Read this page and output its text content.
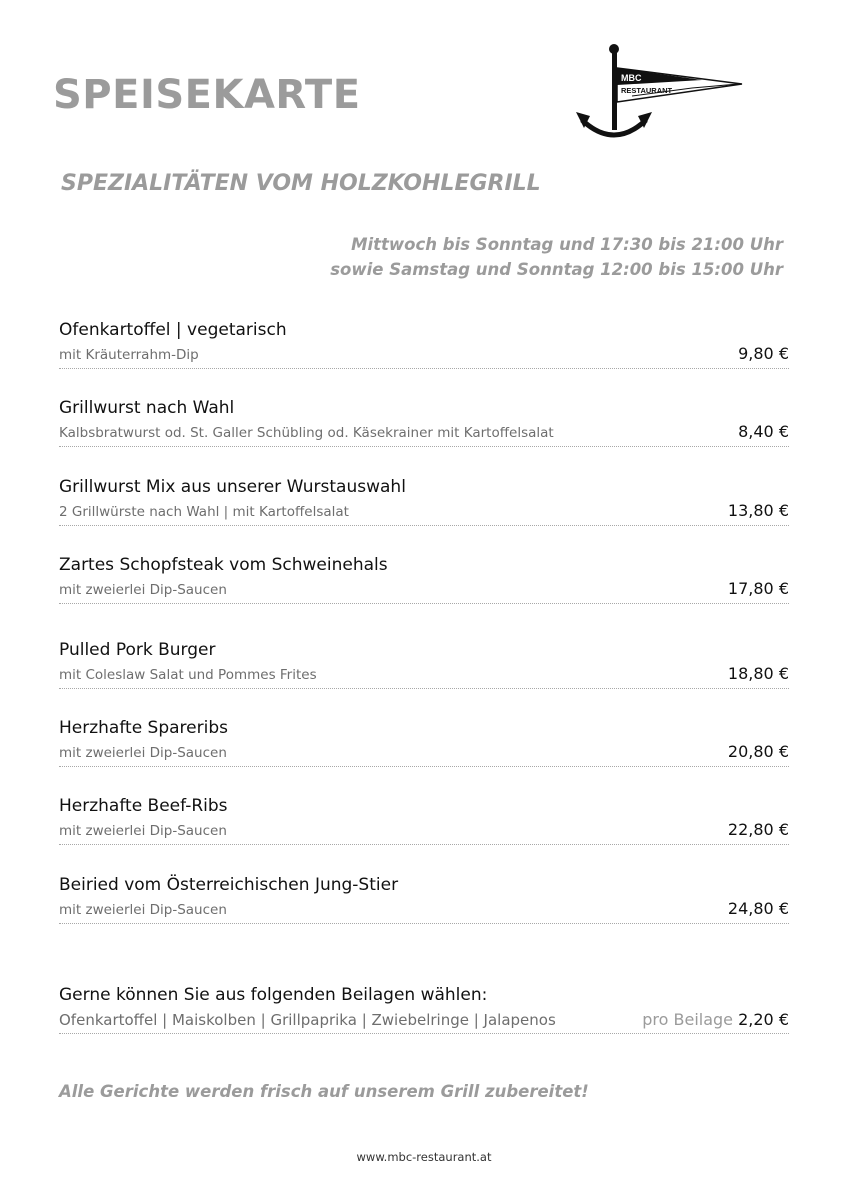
SPEISEKARTE	MBC
RESTAURANT
SPEZIALITÄTEN VOM HOLZKOHLEGRILL
Mittwoch bis Sonntag und 17:30 bis 21:00 Uhr
sowie Samstag und Sonntag 12:00 bis 15:00 Uhr
Ofenkartoffel | vegetarisch
mit Kräuterrahm-Dip	9,80 €
Grillwurst nach Wahl
Kalbsbratwurst od. St. Galler Schübling od. Käsekrainer mit Kartoffelsalat	8,40 €
Grillwurst Mix aus unserer Wurstauswahl
2 Grillwürste nach Wahl | mit Kartoffelsalat	13,80 €
Zartes Schopfsteak vom Schweinehals
mit zweierlei Dip-Saucen	17,80 €
Pulled Pork Burger
mit Coleslaw Salat und Pommes Frites	18,80 €
Herzhafte Spareribs
mit zweierlei Dip-Saucen	20,80 €
Herzhafte Beef-Ribs
mit zweierlei Dip-Saucen	22,80 €
Beiried vom Österreichischen Jung-Stier
mit zweierlei Dip-Saucen	24,80 €
Gerne können Sie aus folgenden Beilagen wählen:
Ofenkartoffel | Maiskolben | Grillpaprika | Zwiebelringe | Jalapenos	pro Beilage 2,20 €
Alle Gerichte werden frisch auf unserem Grill zubereitet!
www.mbc-restaurant.at
